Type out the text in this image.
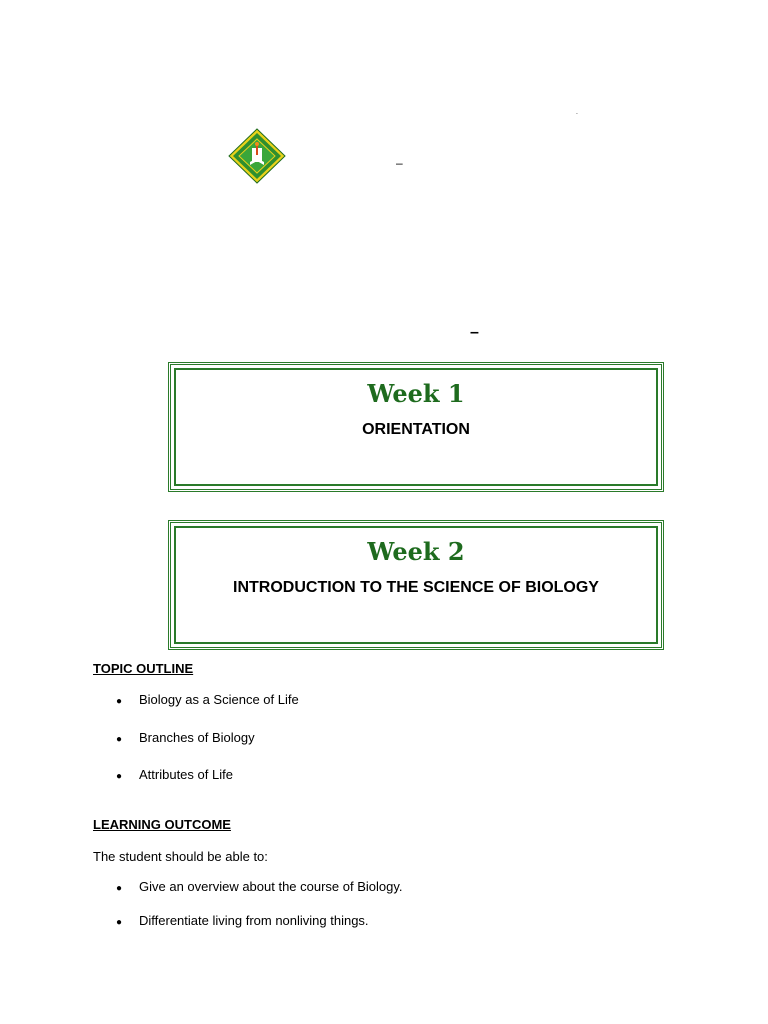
–
.
–
Week 1
ORIENTATION
Week 2
INTRODUCTION TO THE SCIENCE OF BIOLOGY
TOPIC OUTLINE
● Biology as a Science of Life
● Branches of Biology
● Attributes of Life
LEARNING OUTCOME
The student should be able to:
● Give an overview about the course of Biology.
● Differentiate living from nonliving things.
